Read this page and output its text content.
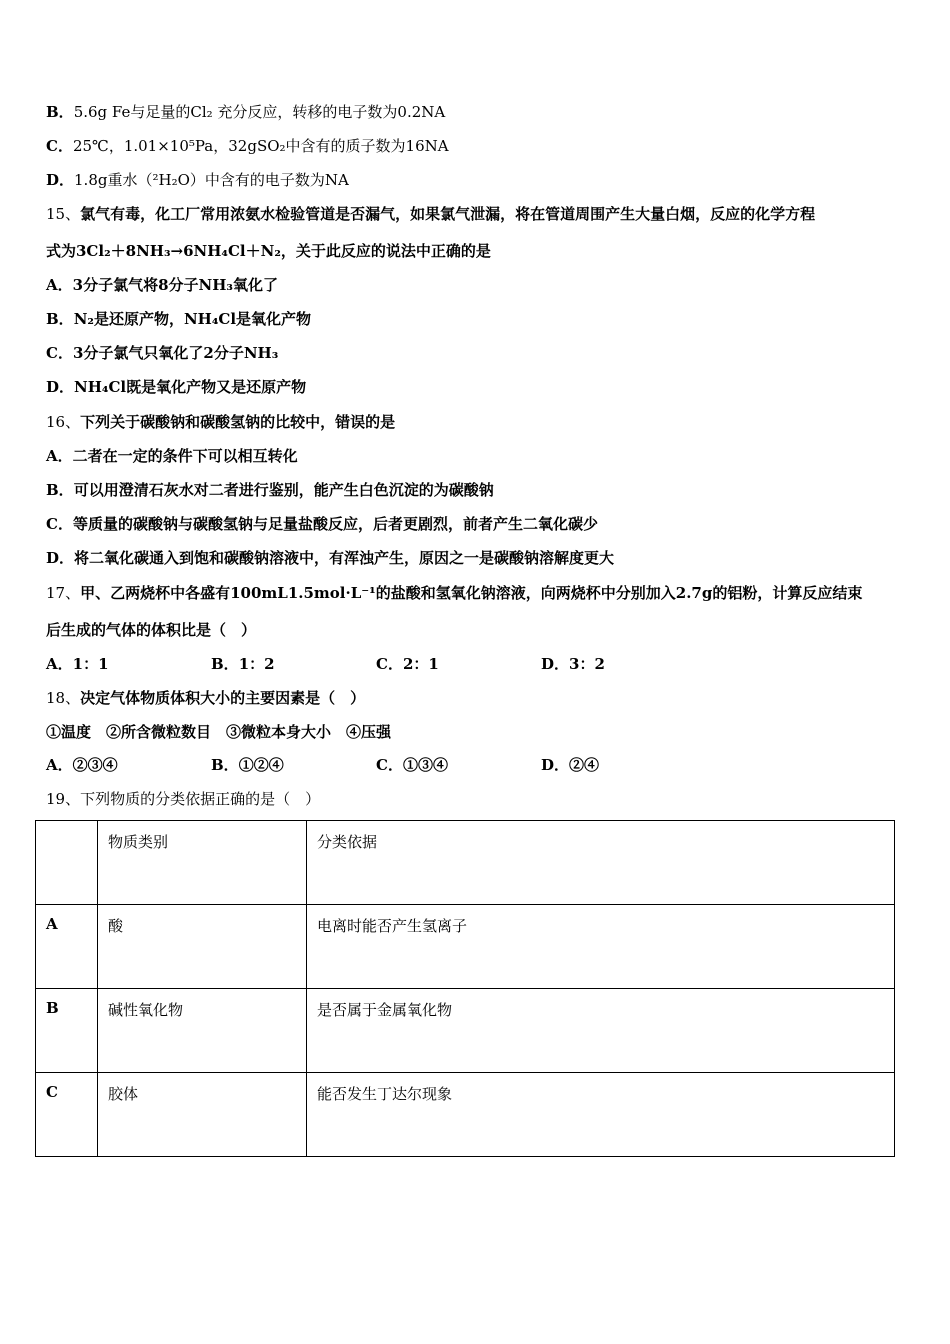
B．5.6g Fe与足量的Cl₂ 充分反应，转移的电子数为0.2NA
C．25℃，1.01×10⁵Pa，32gSO₂中含有的质子数为16NA
D．1.8g重水（²H₂O）中含有的电子数为NA
15、氯气有毒，化工厂常用浓氨水检验管道是否漏气，如果氯气泄漏，将在管道周围产生大量白烟，反应的化学方程
式为3Cl₂＋8NH₃→6NH₄Cl＋N₂，关于此反应的说法中正确的是
A．3分子氯气将8分子NH₃氧化了
B．N₂是还原产物，NH₄Cl是氧化产物
C．3分子氯气只氧化了2分子NH₃
D．NH₄Cl既是氧化产物又是还原产物
16、下列关于碳酸钠和碳酸氢钠的比较中，错误的是
A．二者在一定的条件下可以相互转化
B．可以用澄清石灰水对二者进行鉴别，能产生白色沉淀的为碳酸钠
C．等质量的碳酸钠与碳酸氢钠与足量盐酸反应，后者更剧烈，前者产生二氧化碳少
D．将二氧化碳通入到饱和碳酸钠溶液中，有浑浊产生，原因之一是碳酸钠溶解度更大
17、甲、乙两烧杯中各盛有100mL1.5mol·L⁻¹的盐酸和氢氧化钠溶液，向两烧杯中分别加入2.7g的铝粉，计算反应结束
后生成的气体的体积比是（　）
A．1：1	B．1：2	C．2：1	D．3：2
18、决定气体物质体积大小的主要因素是（　）
①温度　②所含微粒数目　③微粒本身大小　④压强
A．②③④	B．①②④	C．①③④	D．②④
19、下列物质的分类依据正确的是（　）
	物质类别	分类依据
A	酸	电离时能否产生氢离子
B	碱性氧化物	是否属于金属氧化物
C	胶体	能否发生丁达尔现象
